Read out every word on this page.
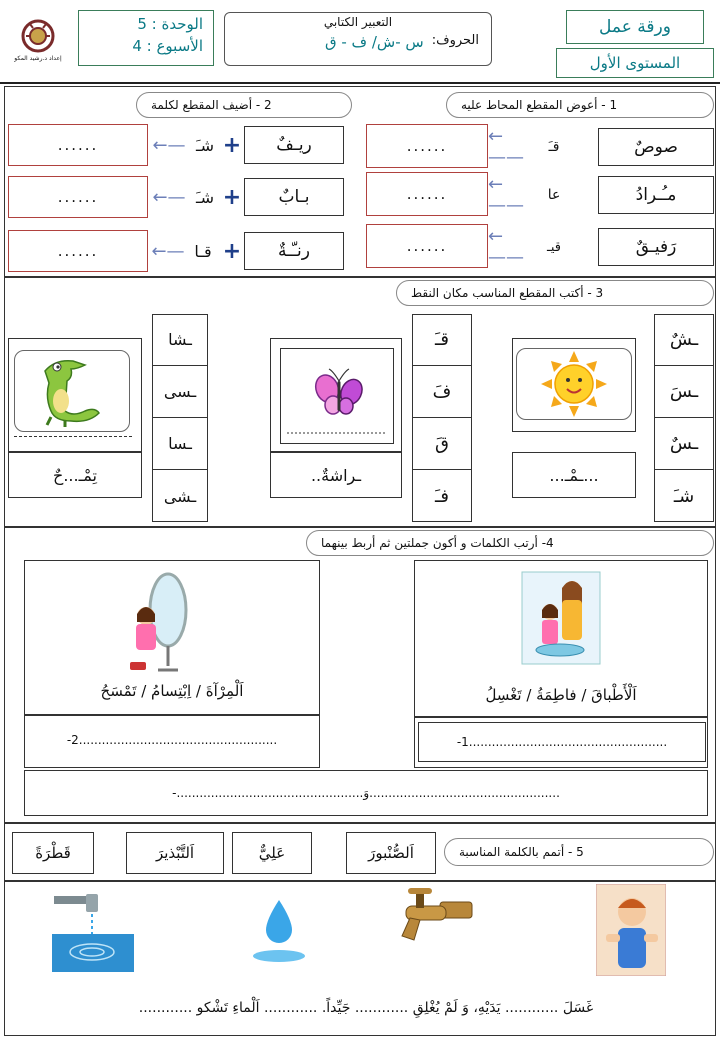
إعداد د.رشيد المكو
الوحدة : 5
الأسبوع : 4
التعبير الكتابي
الحروف:
س -ش/ ف - ق
ورقة عمل
المستوى الأول
1 - أعوض المقطع المحاط عليه
صوصٌ
قـَ
←——
......
مـُـرادُ
عا
←——
......
رَفيـقٌ
قيـ
←——
......
2 - أضيف المقطع لكلمة
ريـفٌ
+
شـَ
←—
......
بـابٌ
+
شـَ
←—
......
رنـّـةٌ
+
قـا
←—
......
3 - أكتب المقطع المناسب مكان النقط
...ـمْـ...
ـشٌ
ـسَ
ـسٌ
شـَ
..ـراشةٌ
قـَ
فَ
قَ
فـَ
تِمْـ...حٌ
ـشا
ـسى
ـسا
ـشى
4- أرتب الكلمات و أكون جملتين ثم أربط بينهما
اَلْأَطْباقَ / فاطِمَةُ / تَغْسِلُ
-1....................................................
اَلْمِرْآةَ / اِبْتِسامُ / تَمْسَحُ
-2....................................................
-.................................................وَ..................................................
5 - أتمم بالكلمة المناسبة
اَلصُّنْبورَ
عَلِيٌّ
اَلتَّبْذيرَ
قَطْرَةً
غَسَلَ ............ يَدَيْهِ، وَ لَمْ يُغْلِقِ ............ جَيِّداً. ............ اَلْماءِ تَشْكو ............
